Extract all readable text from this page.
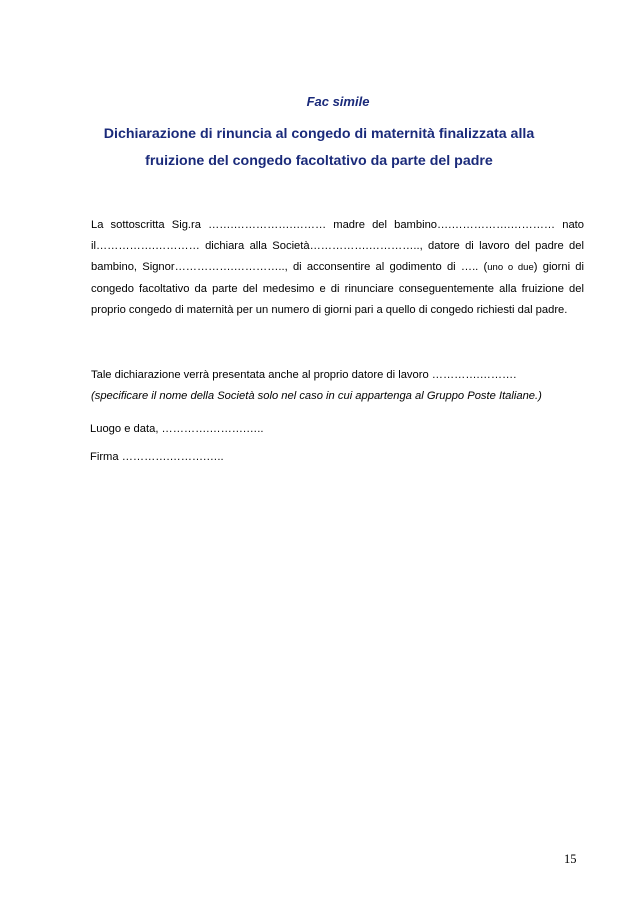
Fac simile
Dichiarazione di rinuncia al congedo di maternità finalizzata alla fruizione del congedo facoltativo da parte del padre
La sottoscritta Sig.ra …….…………….……… madre del bambino….…………….………… nato il…………….………… dichiara alla Società…………….………….., datore di lavoro del padre del bambino, Signor…………….………….., di acconsentire al godimento di ….. (uno o due) giorni di congedo facoltativo da parte del medesimo e di rinunciare conseguentemente alla fruizione del proprio congedo di maternità per un numero di giorni pari a quello di congedo richiesti dal padre.
Tale dichiarazione verrà presentata anche al proprio datore di lavoro ………….……….
(specificare il nome della Società solo nel caso in cui appartenga al Gruppo Poste Italiane.)
Luogo e data, ………….……….…..
Firma ………….……….…..
15
